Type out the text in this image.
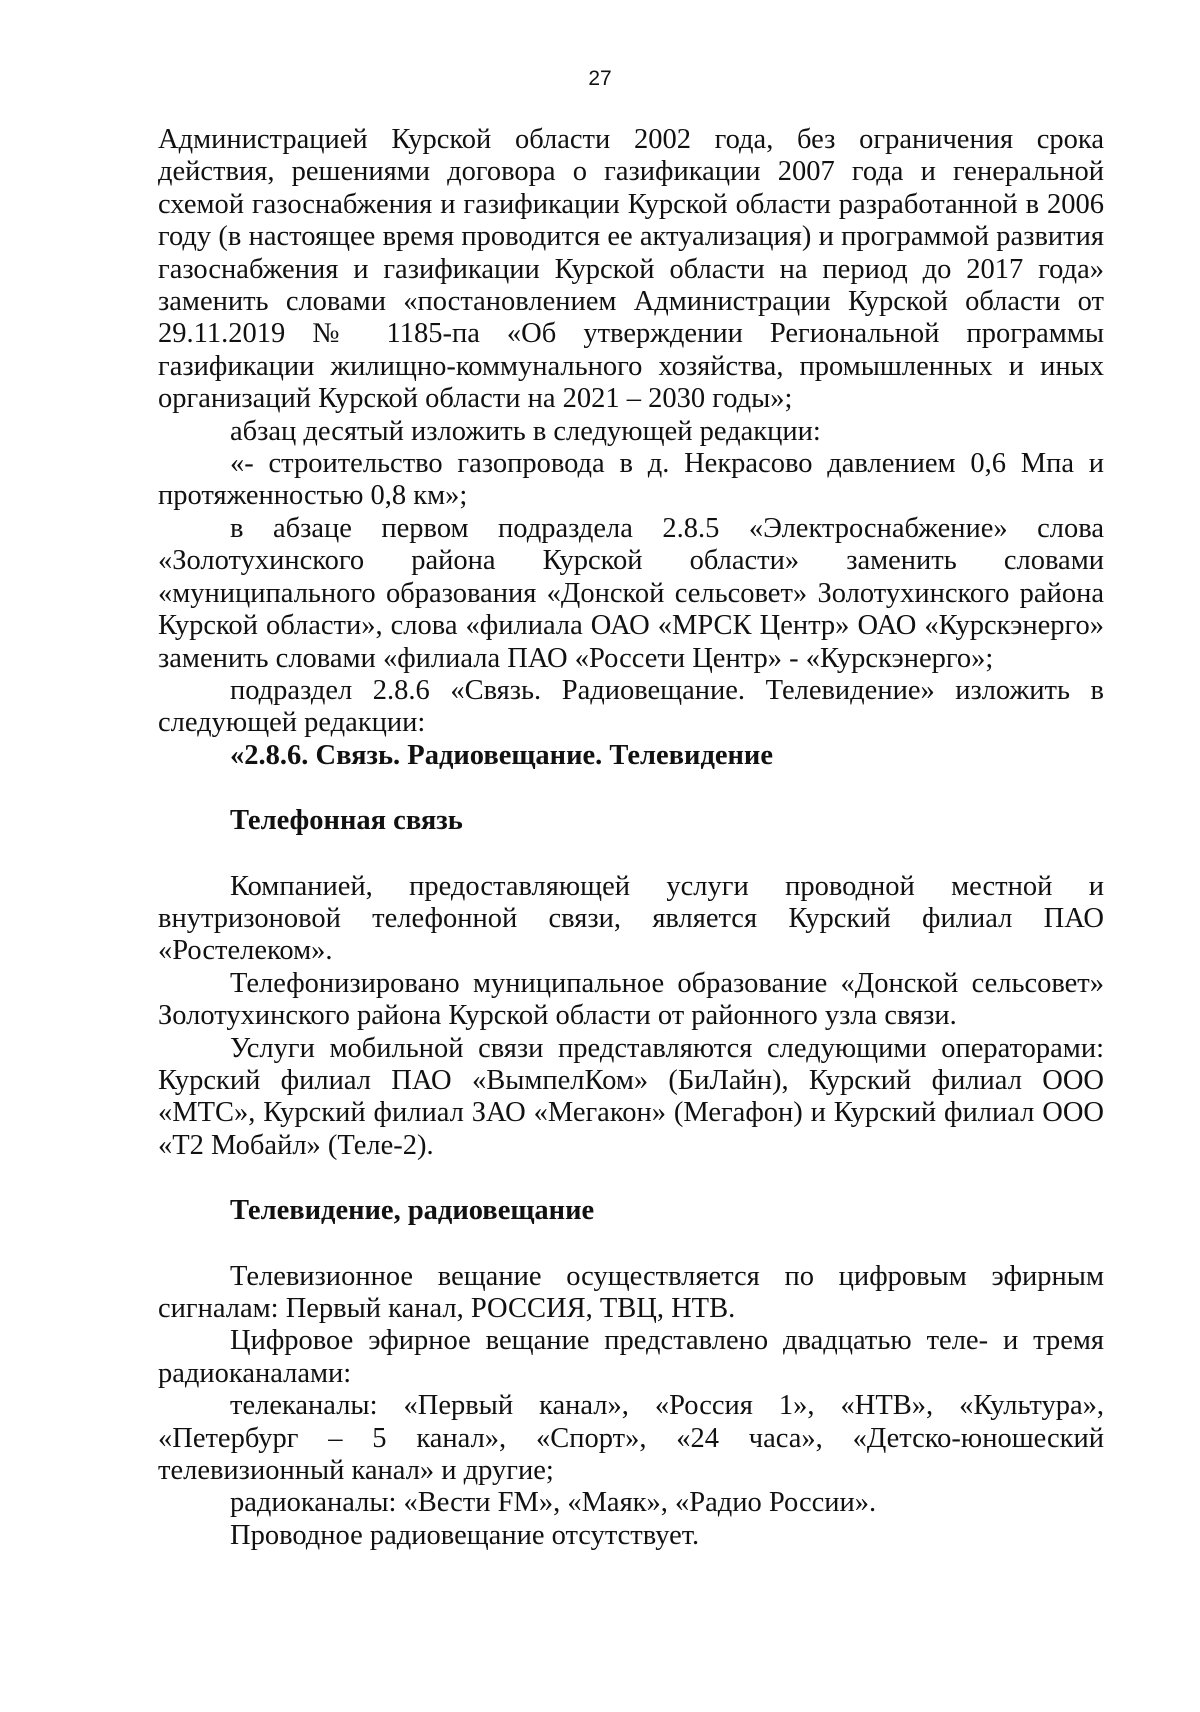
27

Администрацией Курской области 2002 года, без ограничения срока действия, решениями договора о газификации 2007 года и генеральной схемой газоснабжения и газификации Курской области разработанной в 2006 году (в настоящее время проводится ее актуализация) и программой развития газоснабжения и газификации Курской области на период до 2017 года» заменить словами «постановлением Администрации Курской области от 29.11.2019 № 1185-па «Об утверждении Региональной программы газификации жилищно-коммунального хозяйства, промышленных и иных организаций Курской области на 2021 – 2030 годы»;

абзац десятый изложить в следующей редакции:

«- строительство газопровода в д. Некрасово давлением 0,6 Мпа и протяженностью 0,8 км»;

в абзаце первом подраздела 2.8.5 «Электроснабжение» слова «Золотухинского района Курской области» заменить словами «муниципального образования «Донской сельсовет» Золотухинского района Курской области», слова «филиала ОАО «МРСК Центр» ОАО «Курскэнерго» заменить словами «филиала ПАО «Россети Центр» - «Курскэнерго»;

подраздел 2.8.6 «Связь. Радиовещание. Телевидение» изложить в следующей редакции:

«2.8.6. Связь. Радиовещание. Телевидение

Телефонная связь

Компанией, предоставляющей услуги проводной местной и внутризоновой телефонной связи, является Курский филиал ПАО «Ростелеком».

Телефонизировано муниципальное образование «Донской сельсовет» Золотухинского района Курской области от районного узла связи.

Услуги мобильной связи представляются следующими операторами: Курский филиал ПАО «ВымпелКом» (БиЛайн), Курский филиал ООО «МТС», Курский филиал ЗАО «Мегакон» (Мегафон) и Курский филиал ООО «Т2 Мобайл» (Теле-2).

Телевидение, радиовещание

Телевизионное вещание осуществляется по цифровым эфирным сигналам: Первый канал, РОССИЯ, ТВЦ, НТВ.

Цифровое эфирное вещание представлено двадцатью теле- и тремя радиоканалами:

телеканалы: «Первый канал», «Россия 1», «НТВ», «Культура», «Петербург – 5 канал», «Спорт», «24 часа», «Детско-юношеский телевизионный канал» и другие;

радиоканалы: «Вести FM», «Маяк», «Радио России».

Проводное радиовещание отсутствует.
